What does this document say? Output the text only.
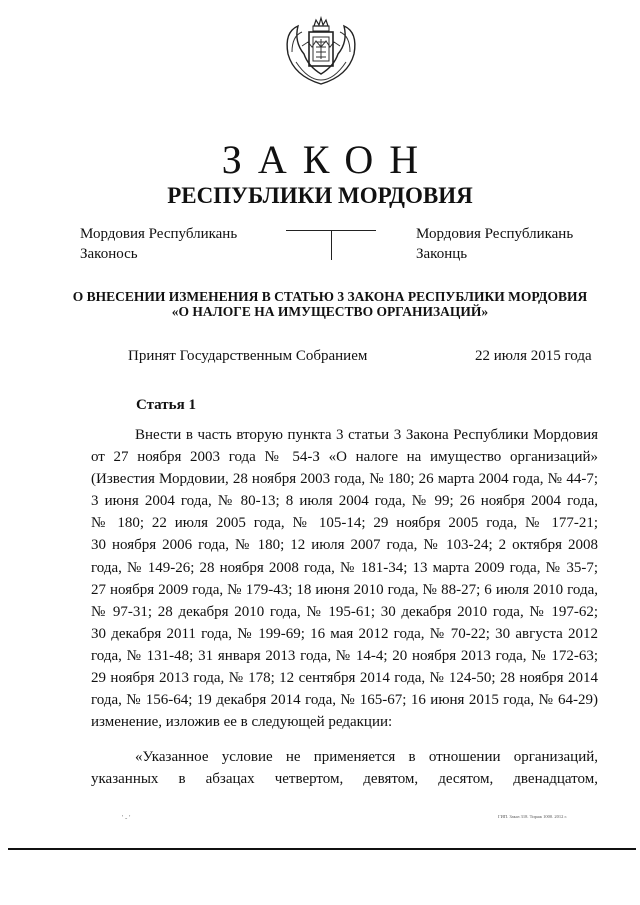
ЗАКОН
РЕСПУБЛИКИ МОРДОВИЯ
Мордовия Республикань
Законось
Мордовия Республикань
Законць
О ВНЕСЕНИИ ИЗМЕНЕНИЯ В СТАТЬЮ 3 ЗАКОНА РЕСПУБЛИКИ МОРДОВИЯ
«О НАЛОГЕ НА ИМУЩЕСТВО ОРГАНИЗАЦИЙ»
Принят Государственным Собранием	22 июля 2015 года
Статья 1

Внести в часть вторую пункта 3 статьи 3 Закона Республики Мордовия

от 27 ноября 2003 года № 54-З «О налоге на имущество организаций»

(Известия Мордовии, 28 ноября 2003 года, № 180; 26 марта 2004 года, № 44-7;

3 июня 2004 года, № 80-13; 8 июля 2004 года, № 99; 26 ноября 2004 года,

№ 180; 22 июля 2005 года, № 105-14; 29 ноября 2005 года, № 177-21;

30 ноября 2006 года, № 180; 12 июля 2007 года, № 103-24; 2 октября 2008

года, № 149-26; 28 ноября 2008 года, № 181-34; 13 марта 2009 года, № 35-7;

27 ноября 2009 года, № 179-43; 18 июня 2010 года, № 88-27; 6 июля 2010 года,

№ 97-31; 28 декабря 2010 года, № 195-61; 30 декабря 2010 года, № 197-62;

30 декабря 2011 года, № 199-69; 16 мая 2012 года, № 70-22; 30 августа 2012

года, № 131-48; 31 января 2013 года, № 14-4; 20 ноября 2013 года, № 172-63;

29 ноября 2013 года, № 178; 12 сентября 2014 года, № 124-50; 28 ноября 2014

года, № 156-64; 19 декабря 2014 года, № 165-67; 16 июня 2015 года, № 64-29)

изменение, изложив ее в следующей редакции:

«Указанное условие не применяется в отношении организаций,

указанных в абзацах четвертом, девятом, десятом, двенадцатом,

' - '	ГИП. Заказ 318. Тираж 1000. 2012 г.
